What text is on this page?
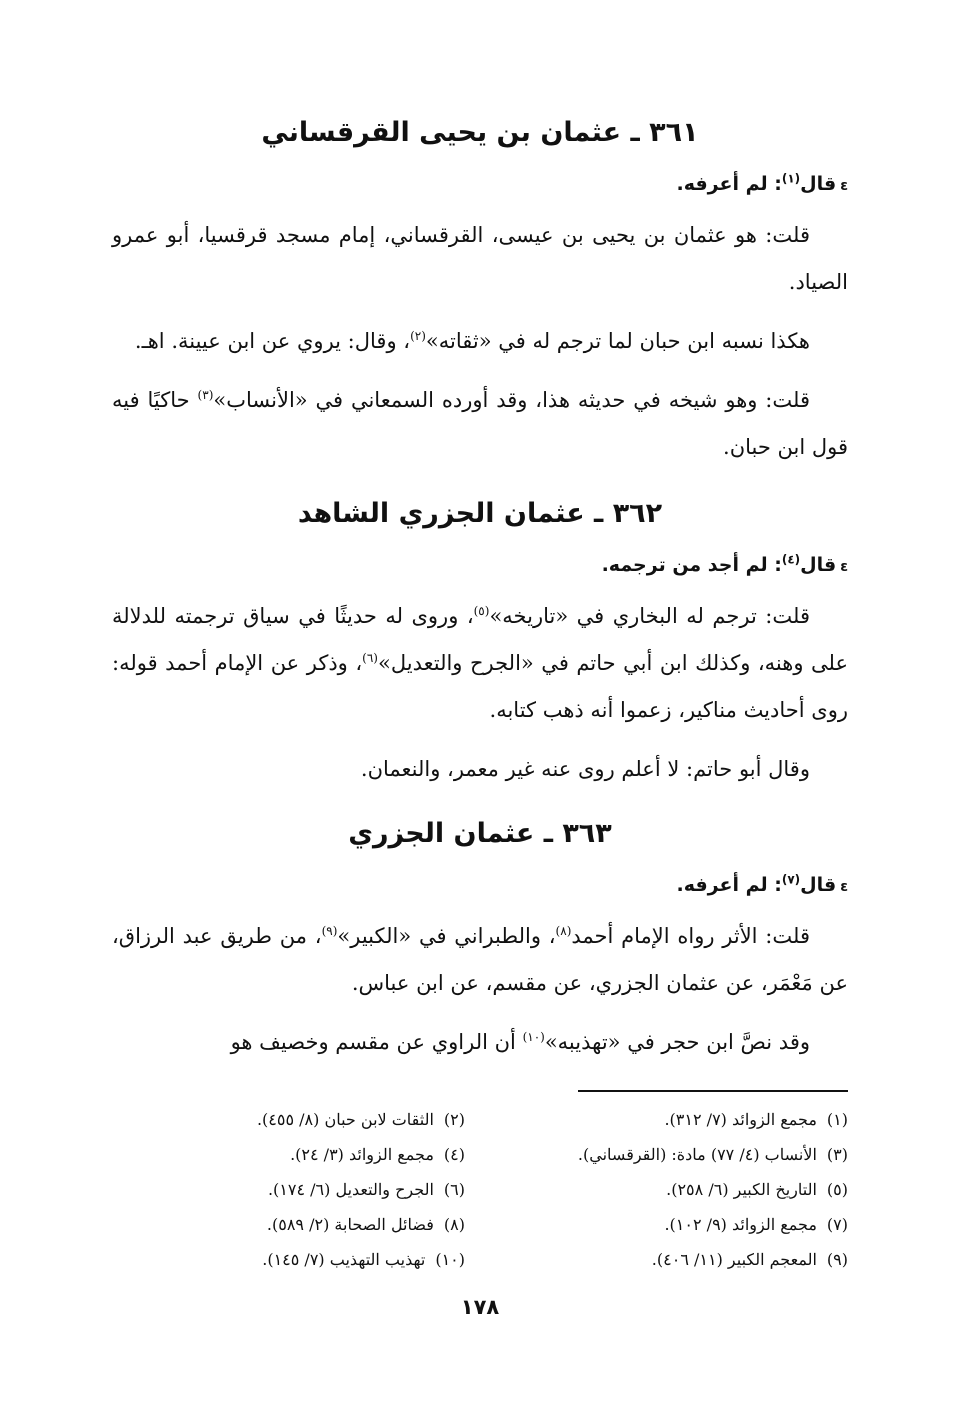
٣٦١ ـ عثمان بن يحيى القرقساني

εقال$^{(١)}$: لم أعرفه.

قلت: هو عثمان بن يحيى بن عيسى، القرقساني، إمام مسجد قرقسيا، أبو عمرو الصياد.

هكذا نسبه ابن حبان لما ترجم له في «ثقاته»$^{(٢)}$، وقال: يروي عن ابن عيينة. اهـ.

قلت: وهو شيخه في حديثه هذا، وقد أورده السمعاني في «الأنساب»$^{(٣)}$ حاكيًا فيه قول ابن حبان.

٣٦٢ ـ عثمان الجزري الشاهد

εقال$^{(٤)}$: لم أجد من ترجمه.

قلت: ترجم له البخاري في «تاريخه»$^{(٥)}$، وروى له حديثًا في سياق ترجمته للدلالة على وهنه، وكذلك ابن أبي حاتم في «الجرح والتعديل»$^{(٦)}$، وذكر عن الإمام أحمد قوله: روى أحاديث مناكير، زعموا أنه ذهب كتابه.

وقال أبو حاتم: لا أعلم روى عنه غير معمر، والنعمان.

٣٦٣ ـ عثمان الجزري

εقال$^{(٧)}$: لم أعرفه.

قلت: الأثر رواه الإمام أحمد$^{(٨)}$، والطبراني في «الكبير»$^{(٩)}$، من طريق عبد الرزاق، عن مَعْمَر، عن عثمان الجزري، عن مقسم، عن ابن عباس.

وقد نصَّ ابن حجر في «تهذيبه»$^{(١٠)}$ أن الراوي عن مقسم وخصيف هو

(١)مجمع الزوائد (٧/ ٣١٢).
(٢)الثقات لابن حبان (٨/ ٤٥٥).
(٣)الأنساب (٤/ ٧٧) مادة: (القرقساني).
(٤)مجمع الزوائد (٣/ ٢٤).
(٥)التاريخ الكبير (٦/ ٢٥٨).
(٦)الجرح والتعديل (٦/ ١٧٤).
(٧)مجمع الزوائد (٩/ ١٠٢).
(٨)فضائل الصحابة (٢/ ٥٨٩).
(٩)المعجم الكبير (١١/ ٤٠٦).
(١٠)تهذيب التهذيب (٧/ ١٤٥).
١٧٨
